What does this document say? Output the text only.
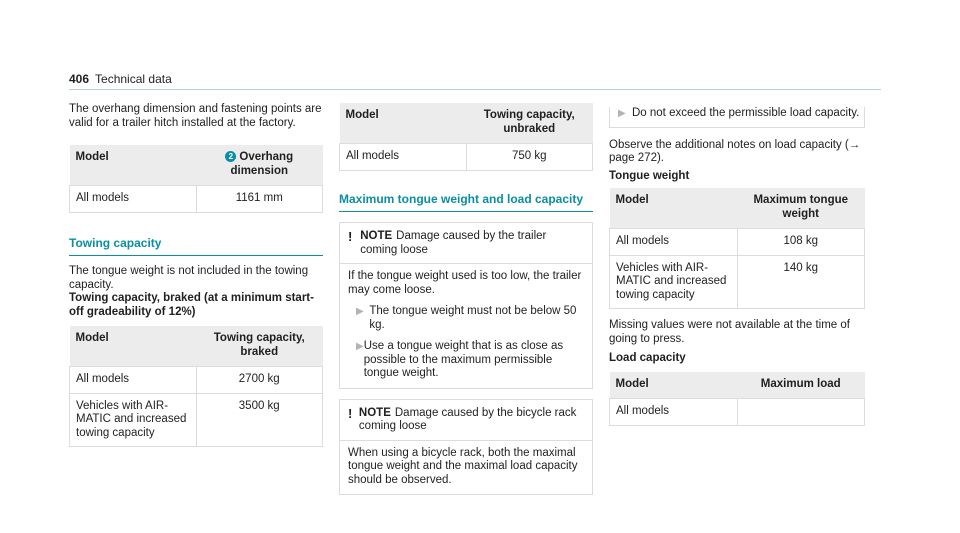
406 Technical data

The overhang dimension and fastening points are valid for a trailer hitch installed at the factory.

Model	2 Overhang dimension
All models	1161 mm
Towing capacity

The tongue weight is not included in the towing capacity.

Towing capacity, braked (at a minimum start-off gradeability of 12%)

Model	Towing capacity, braked
All models	2700 kg
Vehicles with AIR-MATIC and increased towing capacity	3500 kg
Model	Towing capacity, unbraked
All models	750 kg
Maximum tongue weight and load capacity
! NOTE Damage caused by the trailer coming loose
If the tongue weight used is too low, the trailer may come loose.
▶ The tongue weight must not be below 50 kg.
▶ Use a tongue weight that is as close as possible to the maximum permissible tongue weight.
! NOTE Damage caused by the bicycle rack coming loose
When using a bicycle rack, both the maximal tongue weight and the maximal load capacity should be observed.
▶ Do not exceed the permissible load capacity.

Observe the additional notes on load capacity (→ page 272).

Tongue weight

Model	Maximum tongue weight
All models	108 kg
Vehicles with AIR-MATIC and increased towing capacity	140 kg

Missing values were not available at the time of going to press.

Load capacity

Model	Maximum load
All models	
